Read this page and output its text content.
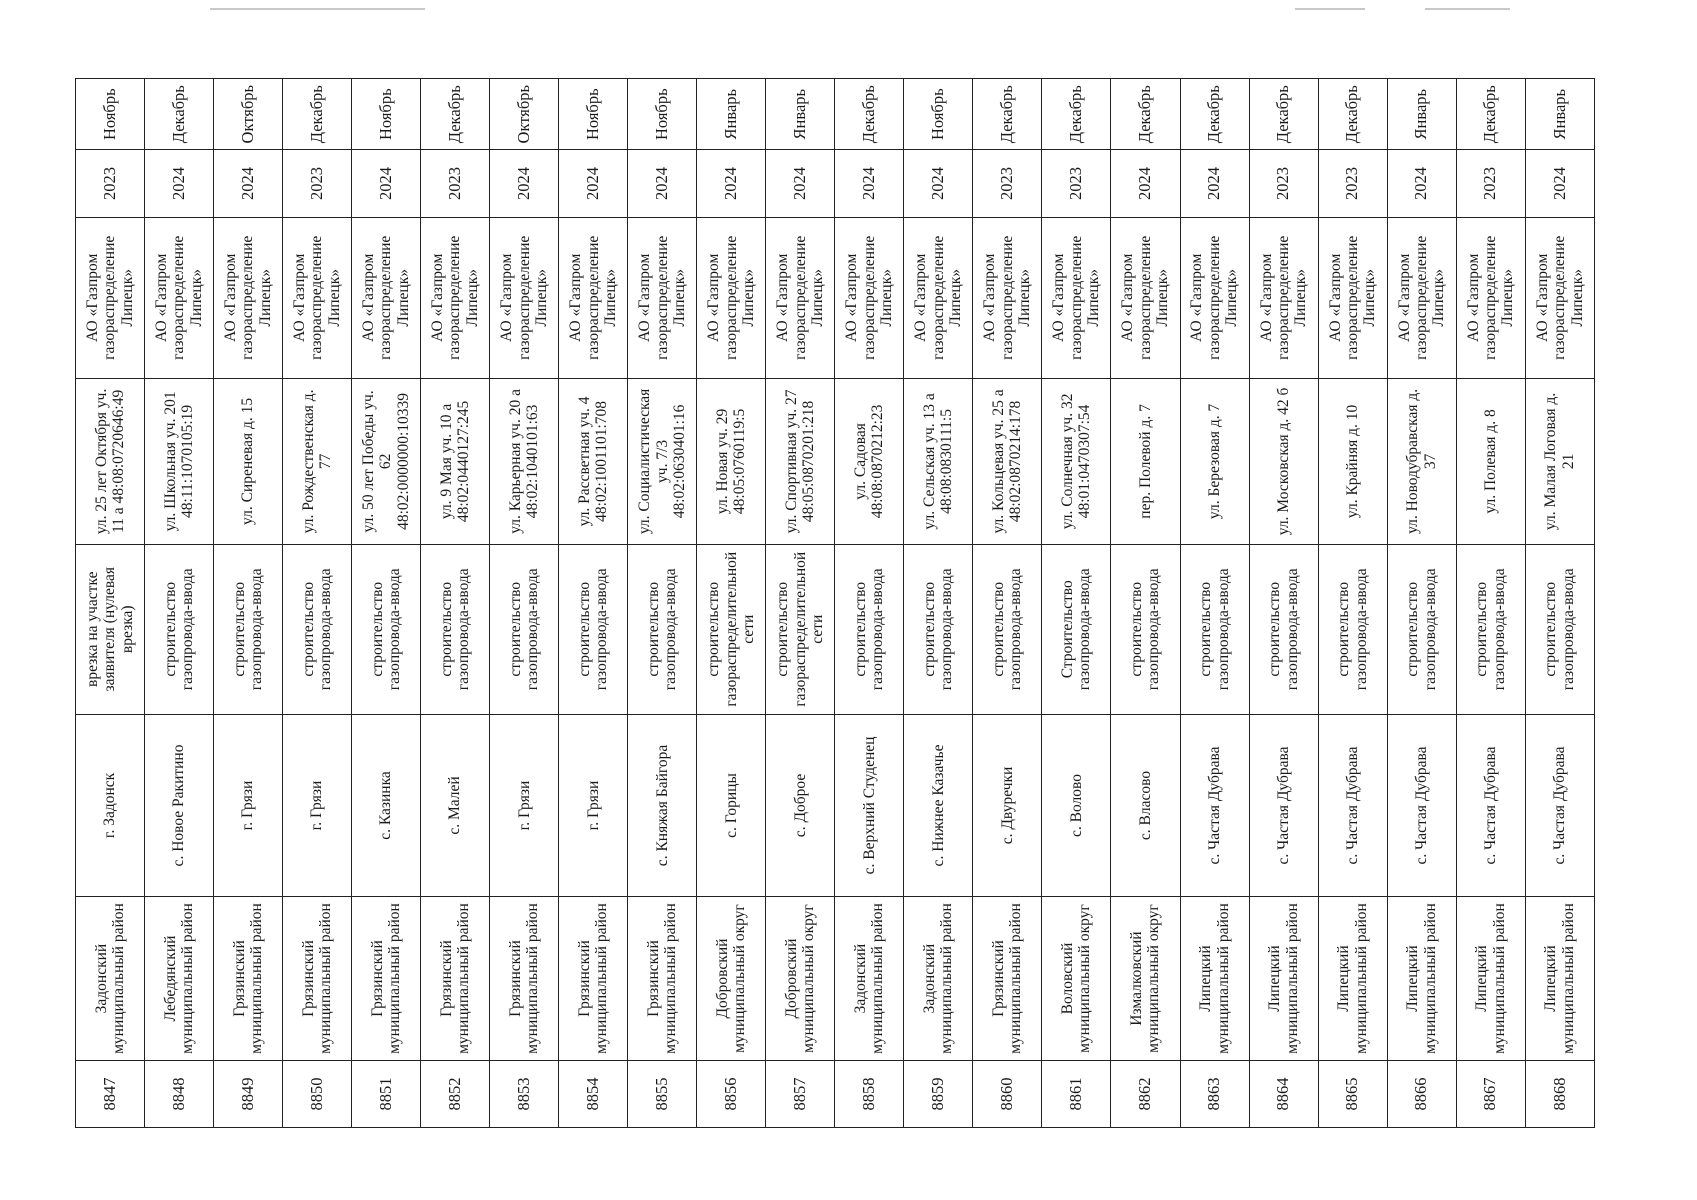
8847	Задонский муниципальный район	г. Задонск	врезка на участке заявителя (нулевая врезка)	ул. 25 лет Октября уч. 11 а 48:08:0720646:49	АО «Газпром газораспределение Липецк»	2023	Ноябрь
8848	Лебедянский муниципальный район	с. Новое Ракитино	строительство газопровода-ввода	ул. Школьная уч. 201 48:11:1070105:19	АО «Газпром газораспределение Липецк»	2024	Декабрь
8849	Грязинский муниципальный район	г. Грязи	строительство газопровода-ввода	ул. Сиреневая д. 15	АО «Газпром газораспределение Липецк»	2024	Октябрь
8850	Грязинский муниципальный район	г. Грязи	строительство газопровода-ввода	ул. Рождественская д. 77	АО «Газпром газораспределение Липецк»	2023	Декабрь
8851	Грязинский муниципальный район	с. Казинка	строительство газопровода-ввода	ул. 50 лет Победы уч. 62 48:02:0000000:10339	АО «Газпром газораспределение Липецк»	2024	Ноябрь
8852	Грязинский муниципальный район	с. Малей	строительство газопровода-ввода	ул. 9 Мая уч. 10 а 48:02:0440127:245	АО «Газпром газораспределение Липецк»	2023	Декабрь
8853	Грязинский муниципальный район	г. Грязи	строительство газопровода-ввода	ул. Карьерная уч. 20 а 48:02:1040101:63	АО «Газпром газораспределение Липецк»	2024	Октябрь
8854	Грязинский муниципальный район	г. Грязи	строительство газопровода-ввода	ул. Рассветная уч. 4 48:02:1001101:708	АО «Газпром газораспределение Липецк»	2024	Ноябрь
8855	Грязинский муниципальный район	с. Княжая Байгора	строительство газопровода-ввода	ул. Социалистическая уч. 7/3 48:02:0630401:16	АО «Газпром газораспределение Липецк»	2024	Ноябрь
8856	Добровский муниципальный округ	с. Горицы	строительство газораспределительной сети	ул. Новая уч. 29 48:05:0760119:5	АО «Газпром газораспределение Липецк»	2024	Январь
8857	Добровский муниципальный округ	с. Доброе	строительство газораспределительной сети	ул. Спортивная уч. 27 48:05:0870201:218	АО «Газпром газораспределение Липецк»	2024	Январь
8858	Задонский муниципальный район	с. Верхний Студенец	строительство газопровода-ввода	ул. Садовая 48:08:0870212:23	АО «Газпром газораспределение Липецк»	2024	Декабрь
8859	Задонский муниципальный район	с. Нижнее Казачье	строительство газопровода-ввода	ул. Сельская уч. 13 а 48:08:0830111:5	АО «Газпром газораспределение Липецк»	2024	Ноябрь
8860	Грязинский муниципальный район	с. Двуречки	строительство газопровода-ввода	ул. Кольцевая уч. 25 а 48:02:0870214:178	АО «Газпром газораспределение Липецк»	2023	Декабрь
8861	Воловский муниципальный округ	с. Волово	Строительство газопровода-ввода	ул. Солнечная уч. 32 48:01:0470307:54	АО «Газпром газораспределение Липецк»	2023	Декабрь
8862	Измалковский муниципальный округ	с. Власово	строительство газопровода-ввода	пер. Полевой д. 7	АО «Газпром газораспределение Липецк»	2024	Декабрь
8863	Липецкий муниципальный район	с. Частая Дубрава	строительство газопровода-ввода	ул. Березовая д. 7	АО «Газпром газораспределение Липецк»	2024	Декабрь
8864	Липецкий муниципальный район	с. Частая Дубрава	строительство газопровода-ввода	ул. Московская д. 42 б	АО «Газпром газораспределение Липецк»	2023	Декабрь
8865	Липецкий муниципальный район	с. Частая Дубрава	строительство газопровода-ввода	ул. Крайняя д. 10	АО «Газпром газораспределение Липецк»	2023	Декабрь
8866	Липецкий муниципальный район	с. Частая Дубрава	строительство газопровода-ввода	ул. Новодубравская д. 37	АО «Газпром газораспределение Липецк»	2024	Январь
8867	Липецкий муниципальный район	с. Частая Дубрава	строительство газопровода-ввода	ул. Полевая д. 8	АО «Газпром газораспределение Липецк»	2023	Декабрь
8868	Липецкий муниципальный район	с. Частая Дубрава	строительство газопровода-ввода	ул. Малая Логовая д. 21	АО «Газпром газораспределение Липецк»	2024	Январь
